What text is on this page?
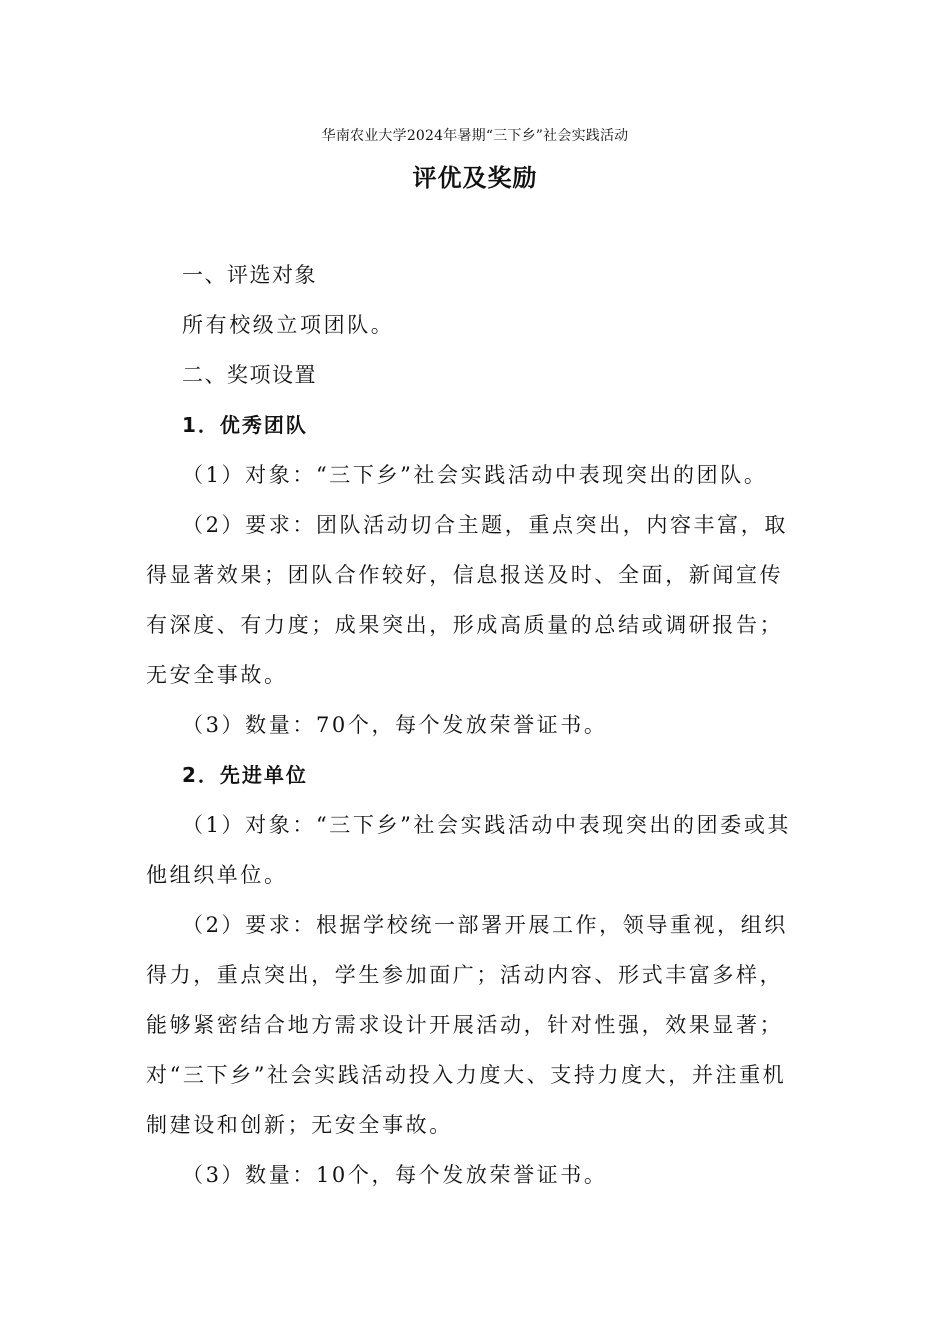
华南农业大学2024年暑期“三下乡”社会实践活动
评优及奖励

一、评选对象

所有校级立项团队。

二、奖项设置

1．优秀团队

（1）对象：“三下乡”社会实践活动中表现突出的团队。

（2）要求：团队活动切合主题，重点突出，内容丰富，取得显著效果；团队合作较好，信息报送及时、全面，新闻宣传有深度、有力度；成果突出，形成高质量的总结或调研报告；无安全事故。

（3）数量：70个，每个发放荣誉证书。

2．先进单位

（1）对象：“三下乡”社会实践活动中表现突出的团委或其他组织单位。

（2）要求：根据学校统一部署开展工作，领导重视，组织得力，重点突出，学生参加面广；活动内容、形式丰富多样，能够紧密结合地方需求设计开展活动，针对性强，效果显著；对“三下乡”社会实践活动投入力度大、支持力度大，并注重机制建设和创新；无安全事故。

（3）数量：10个，每个发放荣誉证书。
